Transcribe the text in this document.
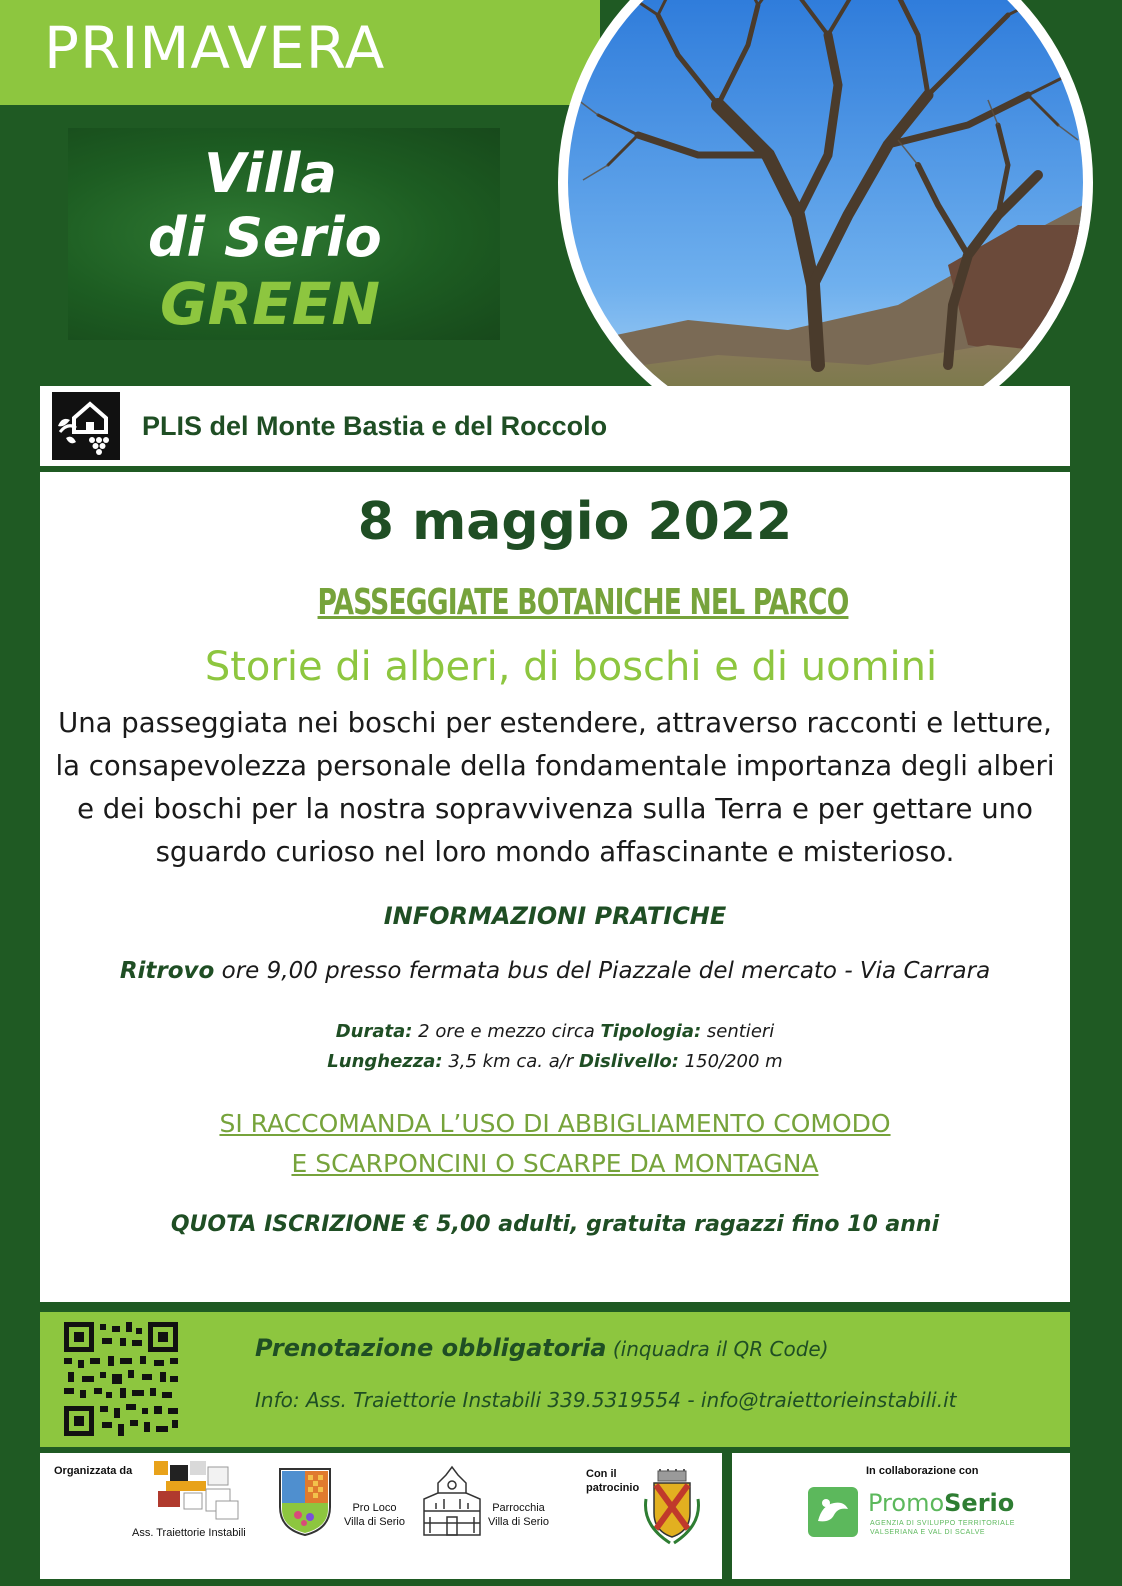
PRIMAVERA
Villa
di Serio
GREEN
PLIS del Monte Bastia e del Roccolo
8 maggio 2022
PASSEGGIATE BOTANICHE NEL PARCO
Storie di alberi, di boschi e di uomini
Una passeggiata nei boschi per estendere, attraverso racconti e letture, la consapevolezza personale della fondamentale importanza degli alberi e dei boschi per la nostra sopravvivenza sulla Terra e per gettare uno sguardo curioso nel loro mondo affascinante e misterioso.
INFORMAZIONI PRATICHE
Ritrovo ore 9,00 presso fermata bus del Piazzale del mercato - Via Carrara
Durata: 2 ore e mezzo circa Tipologia: sentieri
Lunghezza: 3,5 km ca. a/r Dislivello: 150/200 m
SI RACCOMANDA L’USO DI ABBIGLIAMENTO COMODO
E SCARPONCINI O SCARPE DA MONTAGNA
QUOTA ISCRIZIONE € 5,00 adulti, gratuita ragazzi fino 10 anni
Prenotazione obbligatoria (inquadra il QR Code)
Info: Ass. Traiettorie Instabili 339.5319554 - info@traiettorieinstabili.it
Organizzata da
Ass. Traiettorie Instabili
Pro Loco
Villa di Serio
Parrocchia
Villa di Serio
Con il
patrocinio
In collaborazione con
PromoSerio
AGENZIA DI SVILUPPO TERRITORIALE
VALSERIANA E VAL DI SCALVE
